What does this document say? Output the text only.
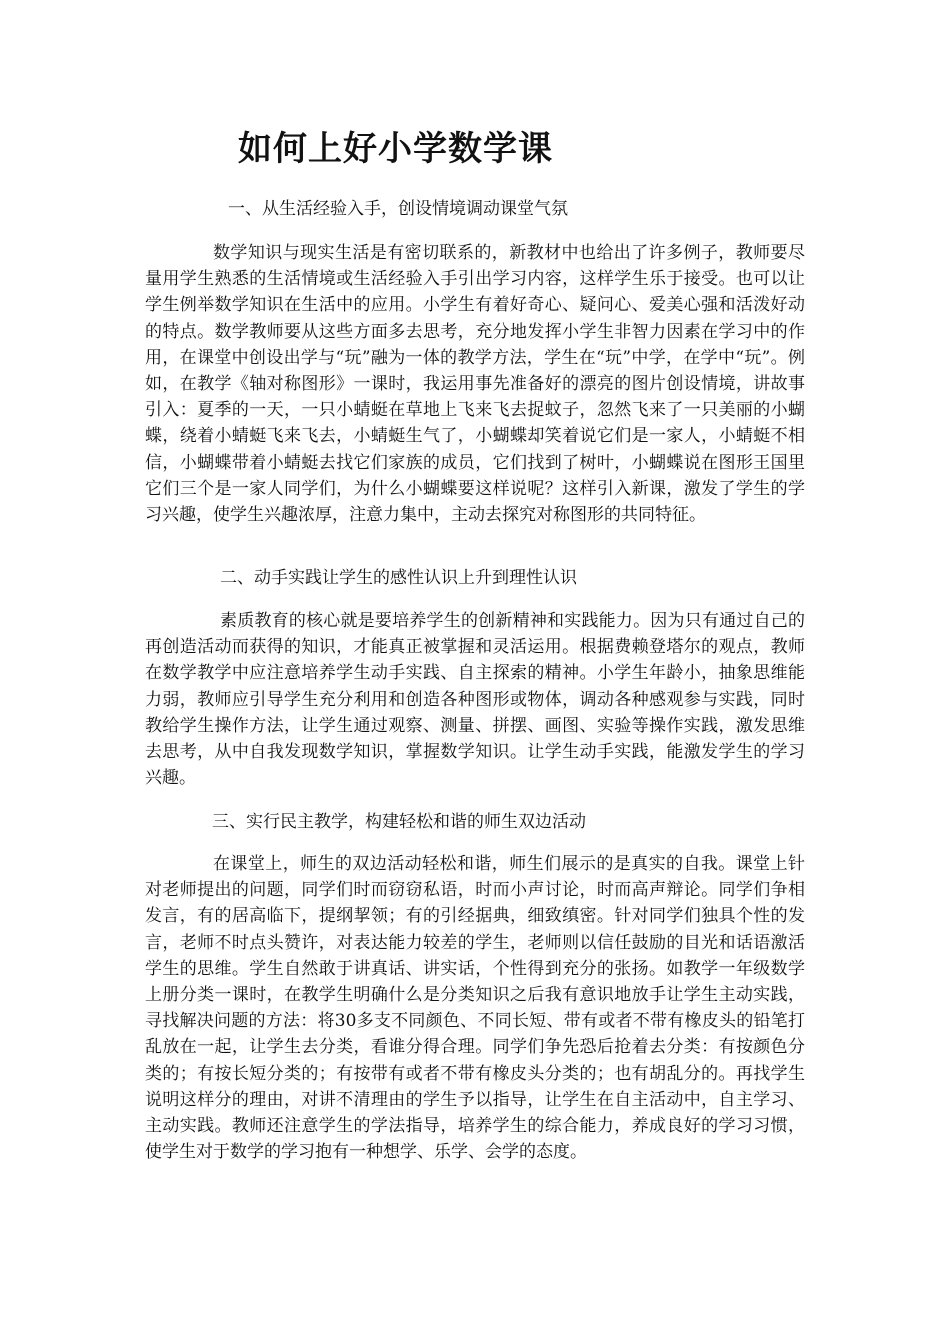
如何上好小学数学课
一、从生活经验入手，创设情境调动课堂气氛

数学知识与现实生活是有密切联系的，新教材中也给出了许多例子，教师要尽量用学生熟悉的生活情境或生活经验入手引出学习内容，这样学生乐于接受。也可以让学生例举数学知识在生活中的应用。小学生有着好奇心、疑问心、爱美心强和活泼好动的特点。数学教师要从这些方面多去思考，充分地发挥小学生非智力因素在学习中的作用，在课堂中创设出学与“玩”融为一体的教学方法，学生在“玩”中学，在学中“玩”。例如，在教学《轴对称图形》一课时，我运用事先准备好的漂亮的图片创设情境，讲故事引入：夏季的一天，一只小蜻蜓在草地上飞来飞去捉蚊子，忽然飞来了一只美丽的小蝴蝶，绕着小蜻蜓飞来飞去，小蜻蜓生气了，小蝴蝶却笑着说它们是一家人，小蜻蜓不相信，小蝴蝶带着小蜻蜓去找它们家族的成员，它们找到了树叶，小蝴蝶说在图形王国里它们三个是一家人同学们，为什么小蝴蝶要这样说呢？这样引入新课，激发了学生的学习兴趣，使学生兴趣浓厚，注意力集中，主动去探究对称图形的共同特征。

二、动手实践让学生的感性认识上升到理性认识

素质教育的核心就是要培养学生的创新精神和实践能力。因为只有通过自己的再创造活动而获得的知识，才能真正被掌握和灵活运用。根据费赖登塔尔的观点，教师在数学教学中应注意培养学生动手实践、自主探索的精神。小学生年龄小，抽象思维能力弱，教师应引导学生充分利用和创造各种图形或物体，调动各种感观参与实践，同时教给学生操作方法，让学生通过观察、测量、拼摆、画图、实验等操作实践，激发思维去思考，从中自我发现数学知识，掌握数学知识。让学生动手实践，能激发学生的学习兴趣。

三、实行民主教学，构建轻松和谐的师生双边活动

在课堂上，师生的双边活动轻松和谐，师生们展示的是真实的自我。课堂上针对老师提出的问题，同学们时而窃窃私语，时而小声讨论，时而高声辩论。同学们争相发言，有的居高临下，提纲挈领；有的引经据典，细致缜密。针对同学们独具个性的发言，老师不时点头赞许，对表达能力较差的学生，老师则以信任鼓励的目光和话语激活学生的思维。学生自然敢于讲真话、讲实话，个性得到充分的张扬。如教学一年级数学上册分类一课时，在教学生明确什么是分类知识之后我有意识地放手让学生主动实践，寻找解决问题的方法：将30多支不同颜色、不同长短、带有或者不带有橡皮头的铅笔打乱放在一起，让学生去分类，看谁分得合理。同学们争先恐后抢着去分类：有按颜色分类的；有按长短分类的；有按带有或者不带有橡皮头分类的；也有胡乱分的。再找学生说明这样分的理由，对讲不清理由的学生予以指导，让学生在自主活动中，自主学习、主动实践。教师还注意学生的学法指导，培养学生的综合能力，养成良好的学习习惯，使学生对于数学的学习抱有一种想学、乐学、会学的态度。
